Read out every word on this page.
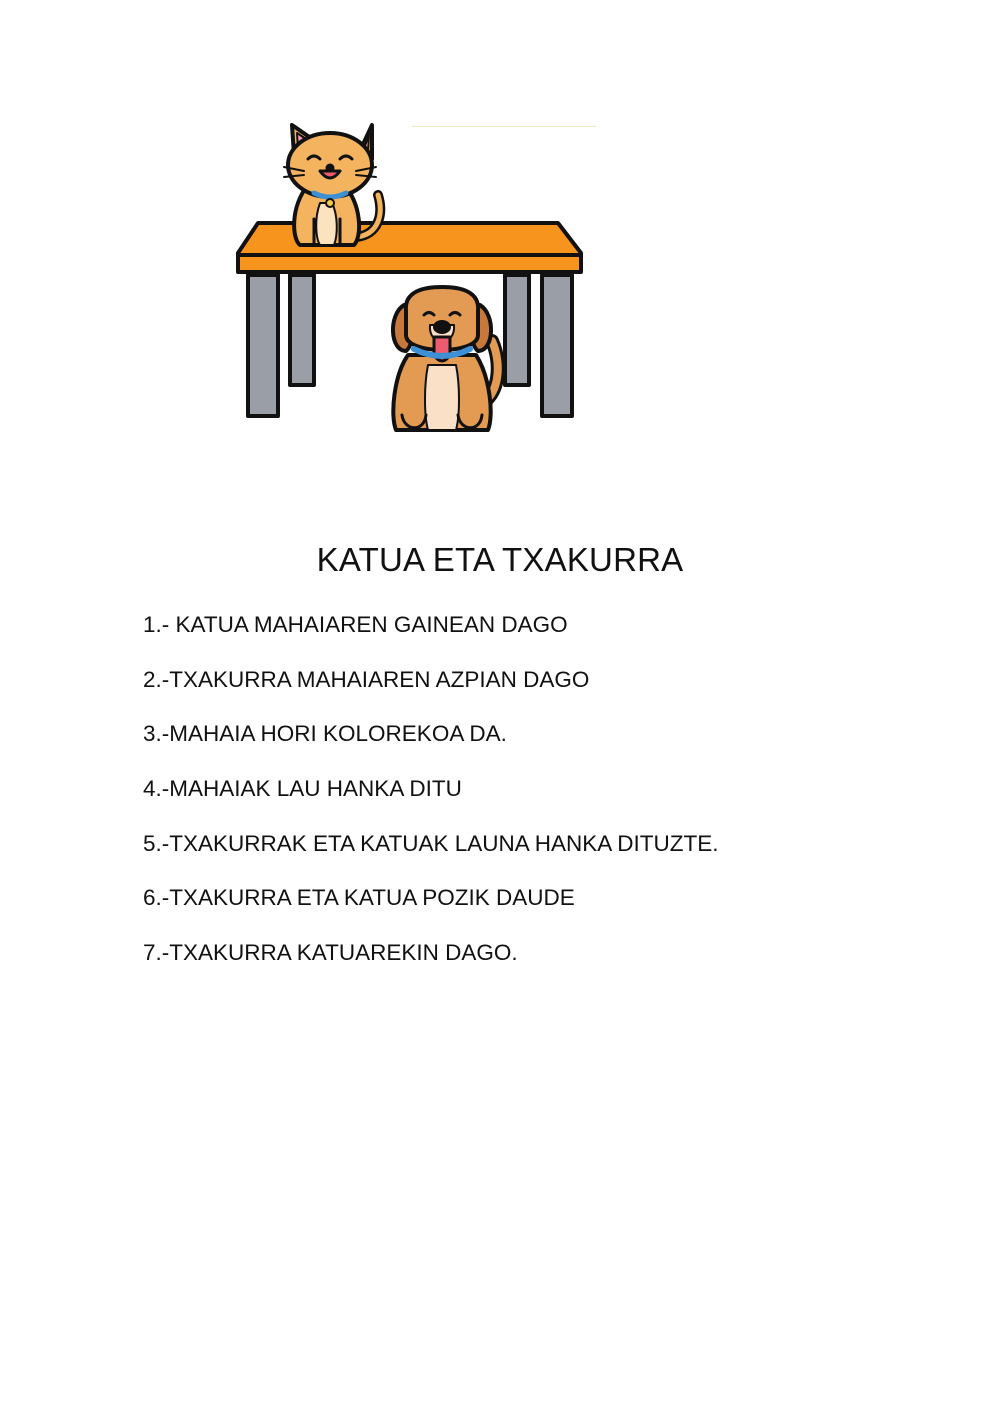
KATUA ETA TXAKURRA
1.- KATUA MAHAIAREN GAINEAN DAGO
2.-TXAKURRA MAHAIAREN AZPIAN DAGO
3.-MAHAIA HORI KOLOREKOA DA.
4.-MAHAIAK LAU HANKA DITU
5.-TXAKURRAK ETA KATUAK LAUNA HANKA DITUZTE.
6.-TXAKURRA ETA KATUA POZIK DAUDE
7.-TXAKURRA KATUAREKIN DAGO.
